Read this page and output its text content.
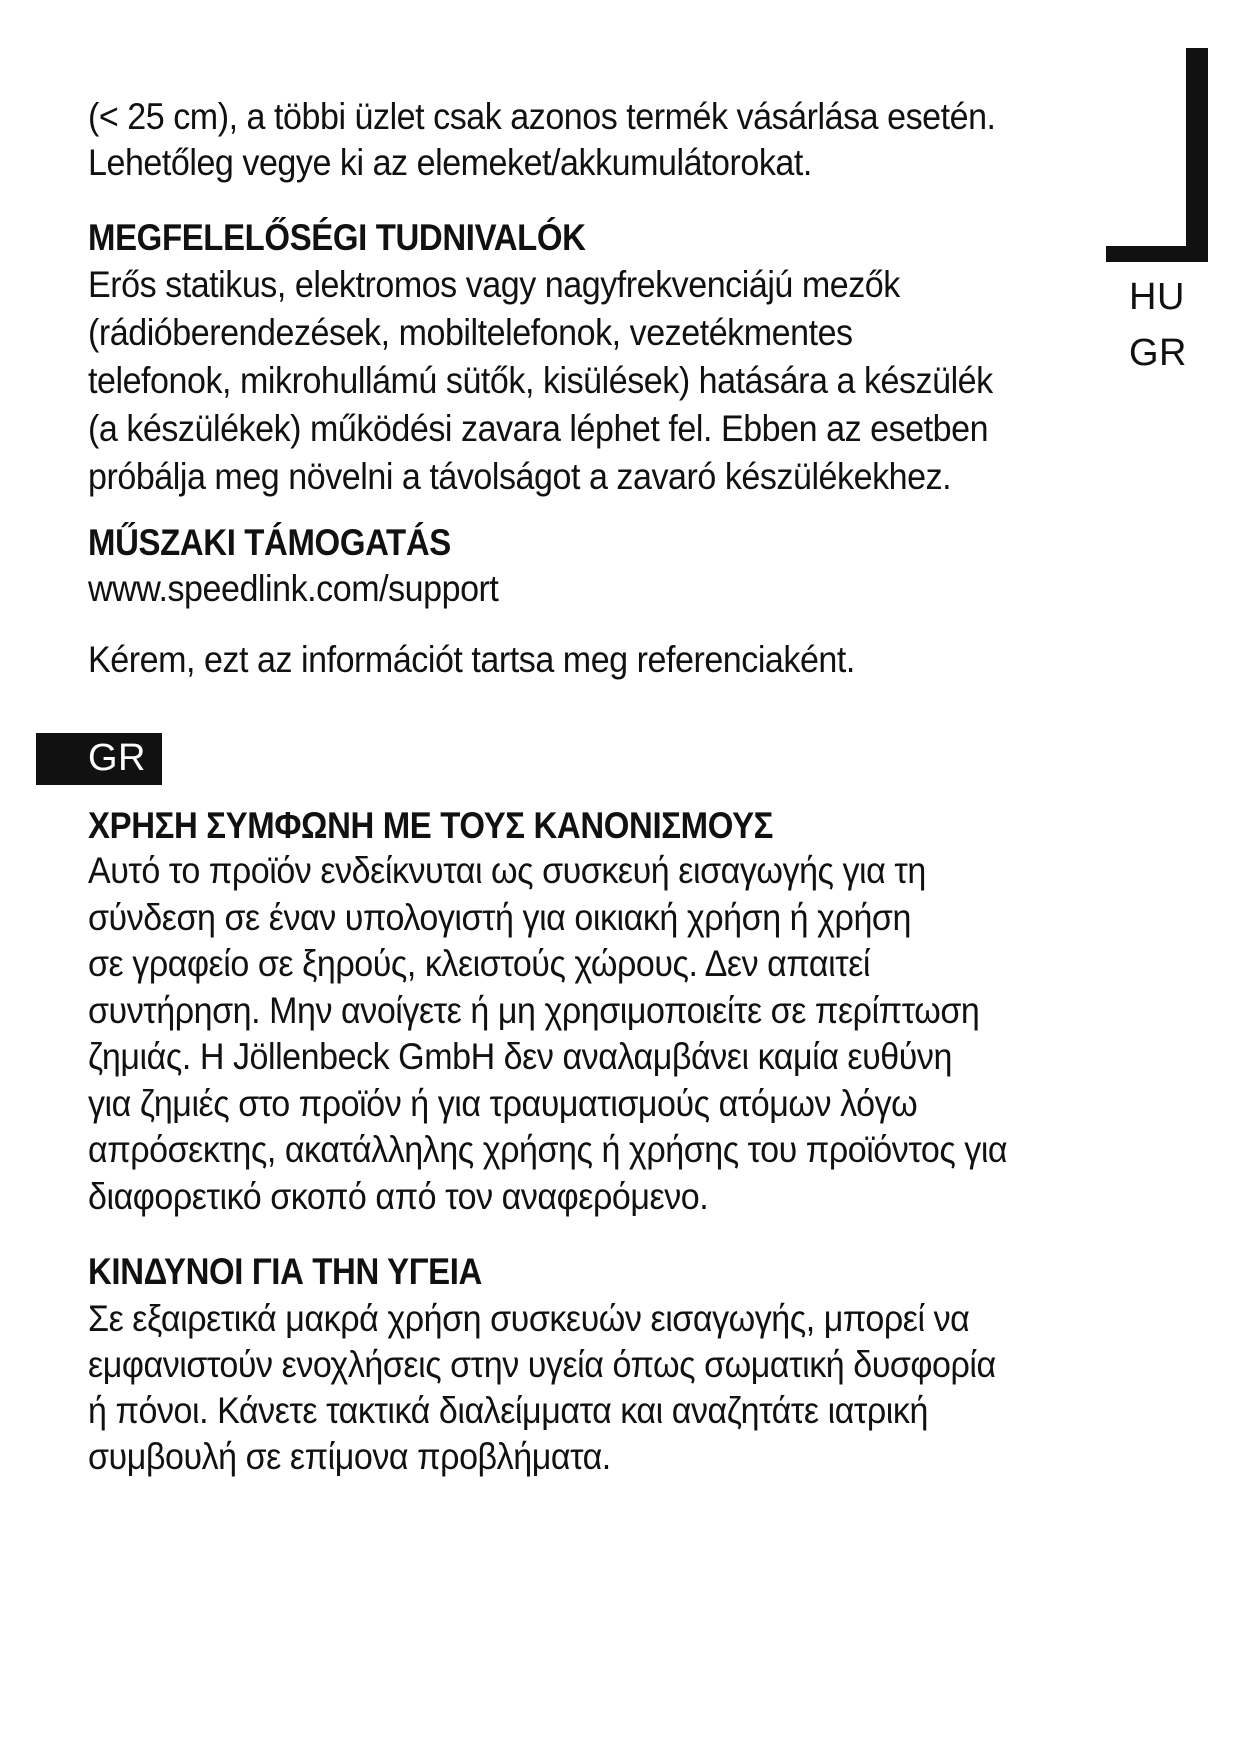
HU
GR
(< 25 cm), a többi üzlet csak azonos termék vásárlása esetén.
Lehetőleg vegye ki az elemeket/akkumulátorokat.
MEGFELELŐSÉGI TUDNIVALÓK
Erős statikus, elektromos vagy nagyfrekvenciájú mezők
(rádióberendezések, mobiltelefonok, vezetékmentes
telefonok, mikrohullámú sütők, kisülések) hatására a készülék
(a készülékek) működési zavara léphet fel. Ebben az esetben
próbálja meg növelni a távolságot a zavaró készülékekhez.
MŰSZAKI TÁMOGATÁS
www.speedlink.com/support
Kérem, ezt az információt tartsa meg referenciaként.
GR
ΧΡΗΣΗ ΣΥΜΦΩΝΗ ΜΕ ΤΟΥΣ ΚΑΝΟΝΙΣΜΟΥΣ
Αυτό το προϊόν ενδείκνυται ως συσκευή εισαγωγής για τη
σύνδεση σε έναν υπολογιστή για οικιακή χρήση ή χρήση
σε γραφείο σε ξηρούς, κλειστούς χώρους. Δεν απαιτεί
συντήρηση. Μην ανοίγετε ή μη χρησιμοποιείτε σε περίπτωση
ζημιάς. Η Jöllenbeck GmbH δεν αναλαμβάνει καμία ευθύνη
για ζημιές στο προϊόν ή για τραυματισμούς ατόμων λόγω
απρόσεκτης, ακατάλληλης χρήσης ή χρήσης του προϊόντος για
διαφορετικό σκοπό από τον αναφερόμενο.
ΚΙΝΔΥΝΟΙ ΓΙΑ ΤΗΝ ΥΓΕΙΑ
Σε εξαιρετικά μακρά χρήση συσκευών εισαγωγής, μπορεί να
εμφανιστούν ενοχλήσεις στην υγεία όπως σωματική δυσφορία
ή πόνοι. Κάνετε τακτικά διαλείμματα και αναζητάτε ιατρική
συμβουλή σε επίμονα προβλήματα.
